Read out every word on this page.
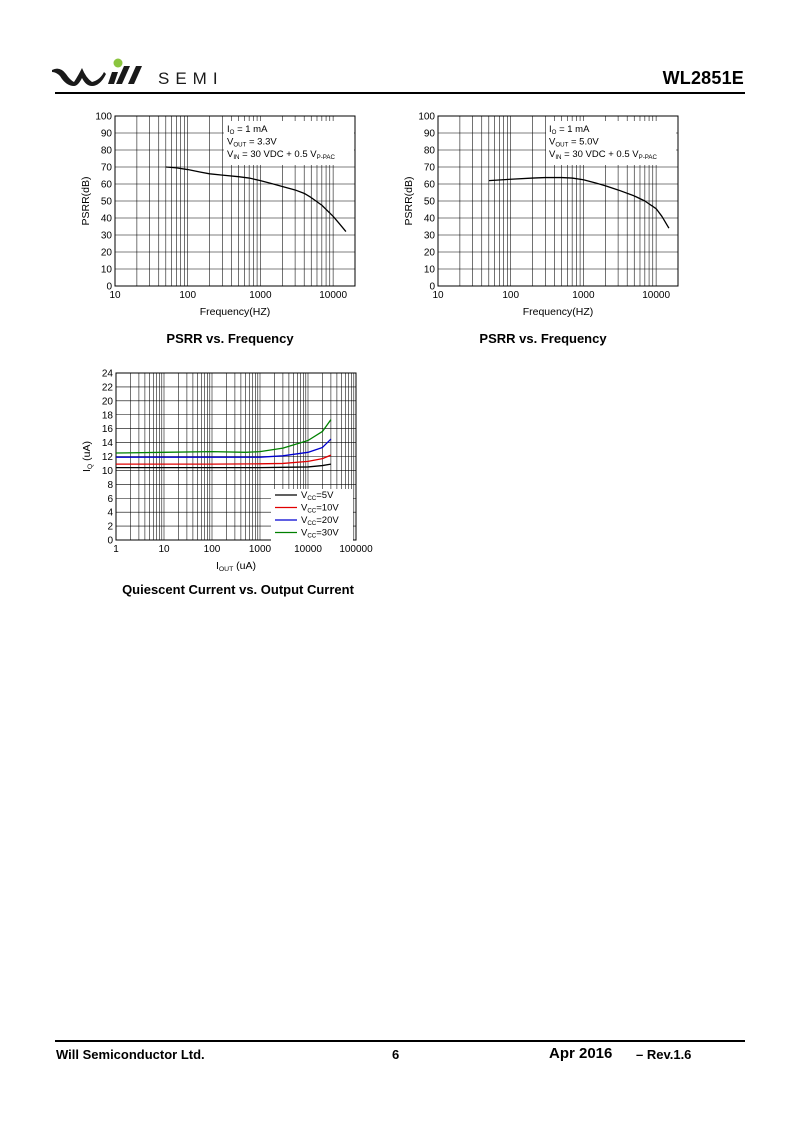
SEMI	WL2851E
0
10
20
30
40
50
60
70
80
90
100
10	100	1000	10000
Frequency(HZ)
PSRR(dB)
$I_O = 1$ mA
$V_{OUT} = 3.3V$
$V_{IN} = 30$ VDC + 0.5 $V_{P-PAC}$
PSRR vs. Frequency
0
10
20
30
40
50
60
70
80
90
100
10	100	1000	10000
Frequency(HZ)
PSRR(dB)
$I_O = 1$ mA
$V_{OUT} = 5.0V$
$V_{IN} = 30$ VDC + 0.5 $V_{P-PAC}$
PSRR vs. Frequency
0
2
4
6
8
10
12
14
16
18
20
22
24
1	10	100	1000 10000 100000
IOUT (uA)
IQ (uA)
$V_{CC}=5V$
$V_{CC}=10V$
$V_{CC}=20V$
$V_{CC}=30V$
Quiescent Current vs. Output Current
Will Semiconductor Ltd.	6	Apr 2016 – Rev.1.6
